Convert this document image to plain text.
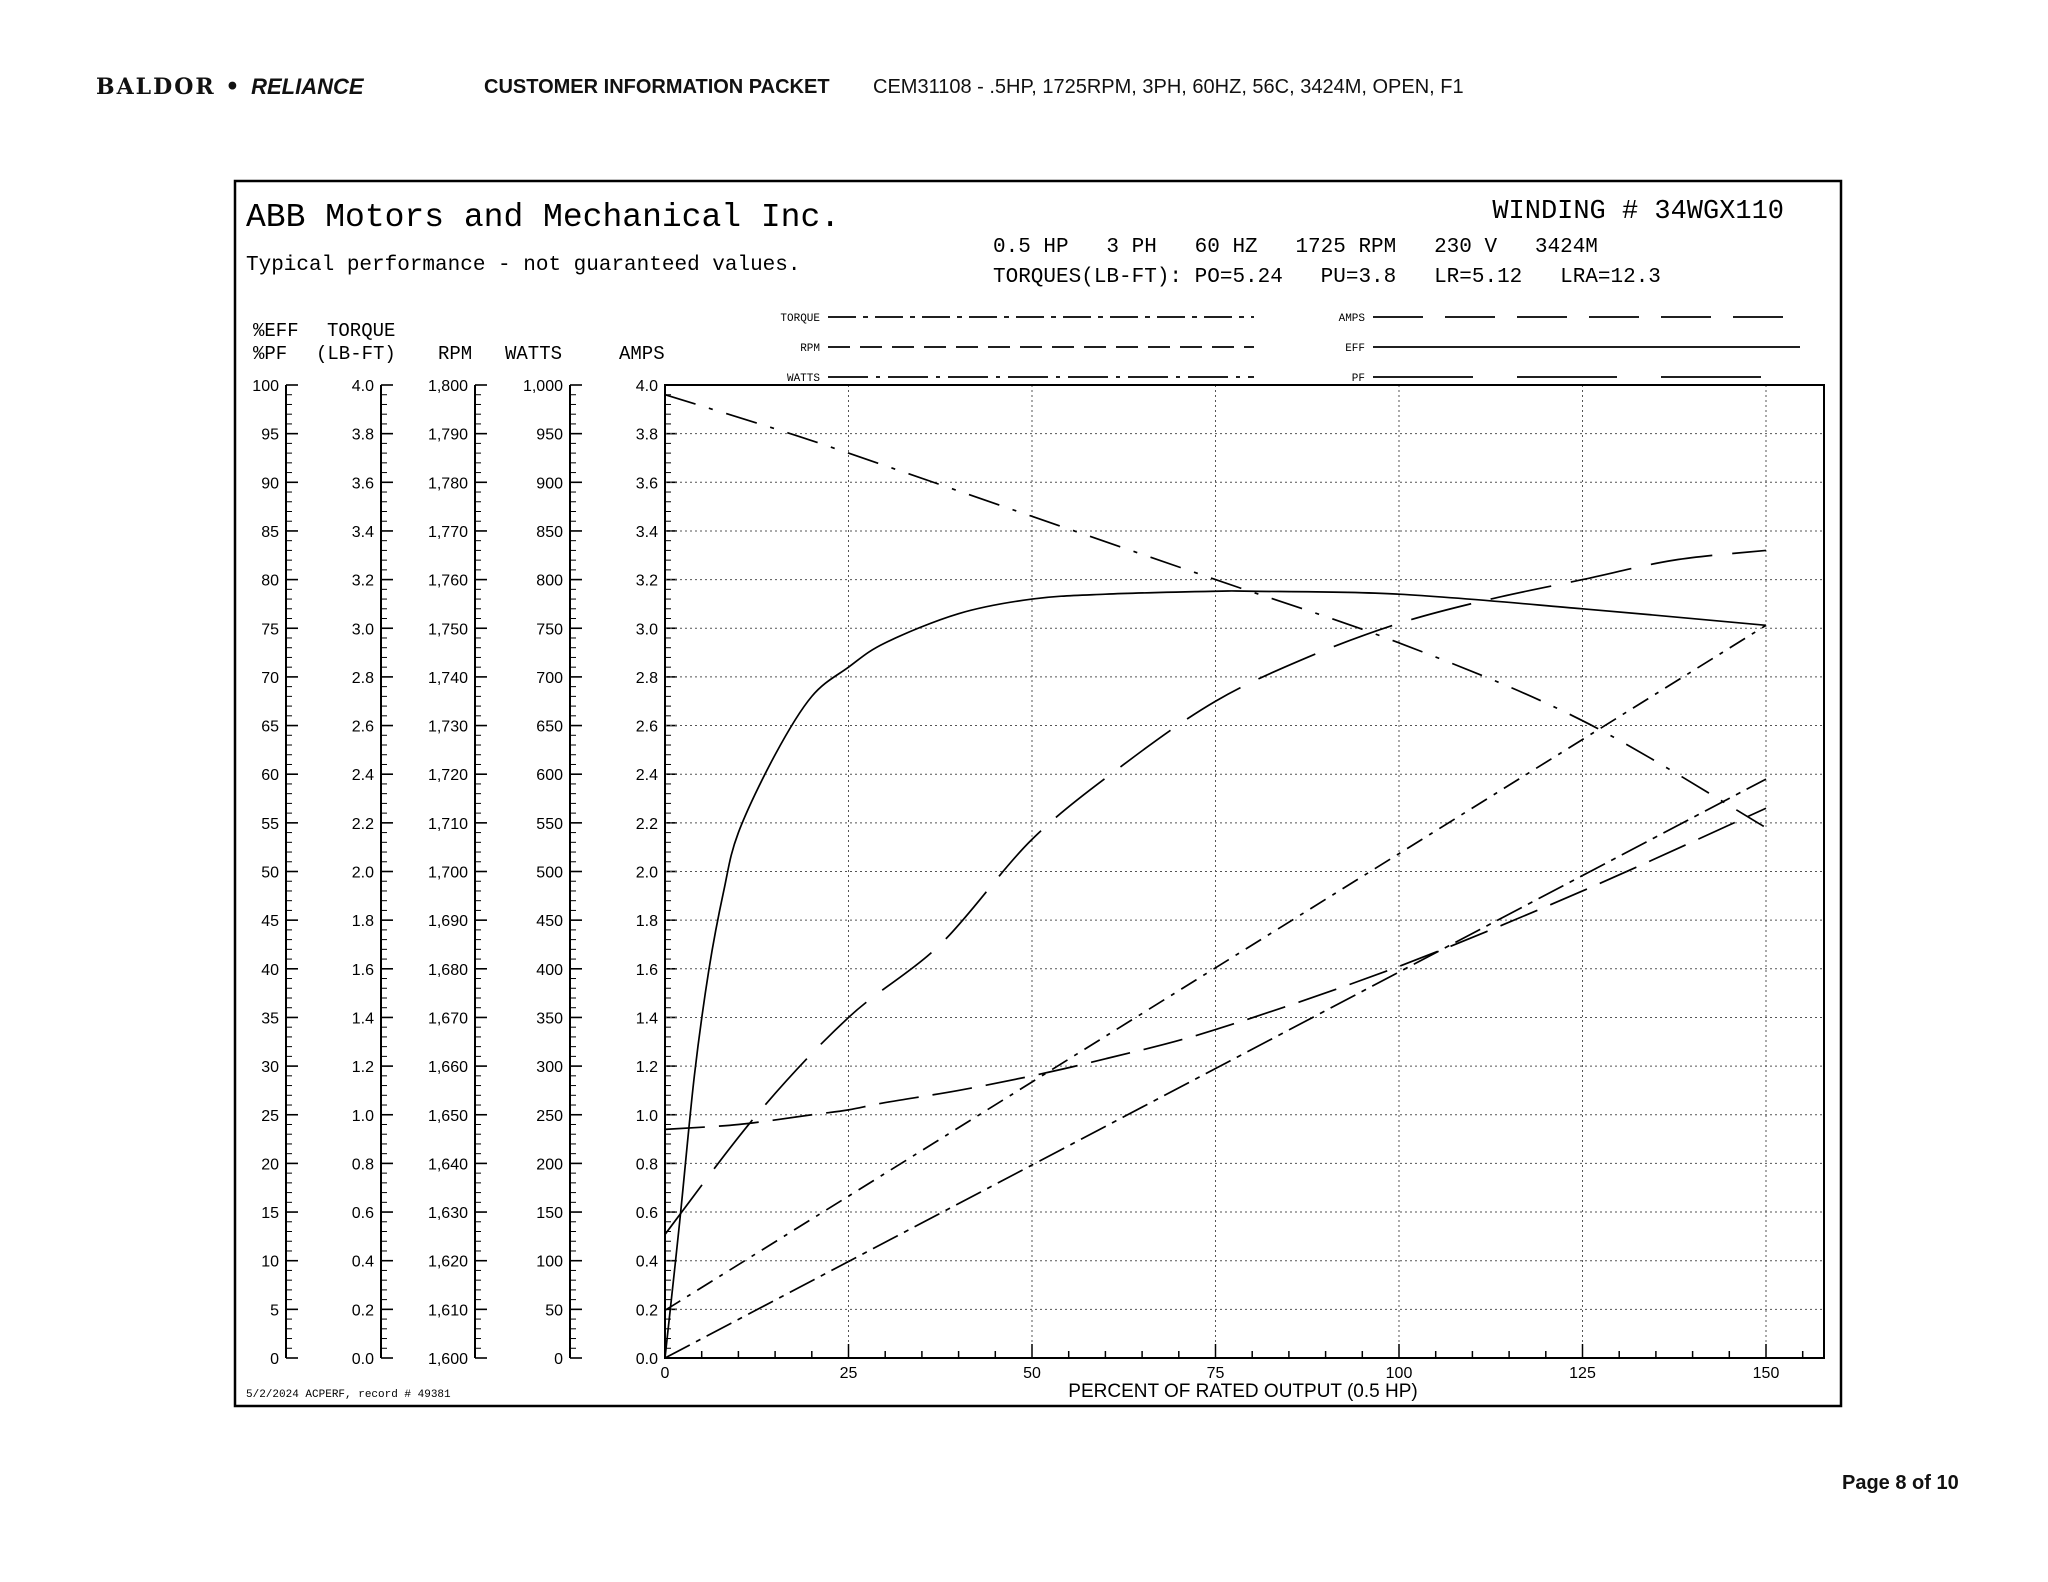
BALDOR • RELIANCE	CUSTOMER INFORMATION PACKET CEM31108 - .5HP, 1725RPM, 3PH, 60HZ, 56C, 3424M, OPEN, F1
ABB Motors and Mechanical Inc.
Typical performance - not guaranteed values.
WINDING # 34WGX110
0.5 HP   3 PH   60 HZ   1725 RPM   230 V   3424M
TORQUES(LB-FT): PO=5.24   PU=3.8   LR=5.12   LRA=12.3
5/2/2024 ACPERF, record # 49381
TORQUE
RPM
WATTS
AMPS
EFF
PF
%EFF
%PF
TORQUE
(LB-FT) RPM WATTS	AMPS
100
95
90
85
80
75
70
65
60
55
50
45
40
35
30
25
20
15
10
5
0
4.0
3.8
3.6
3.4
3.2
3.0
2.8
2.6
2.4
2.2
2.0
1.8
1.6
1.4
1.2
1.0
0.8
0.6
0.4
0.2
0.0
1,800
1,790
1,780
1,770
1,760
1,750
1,740
1,730
1,720
1,710
1,700
1,690
1,680
1,670
1,660
1,650
1,640
1,630
1,620
1,610
1,600
1,000
950
900
850
800
750
700
650
600
550
500
450
400
350
300
250
200
150
100
50
0
4.0
3.8
3.6
3.4
3.2
3.0
2.8
2.6
2.4
2.2
2.0
1.8
1.6
1.4
1.2
1.0
0.8
0.6
0.4
0.2
0.0
0	25	50	75	100	125	150
PERCENT OF RATED OUTPUT (0.5 HP)
Page 8 of 10
